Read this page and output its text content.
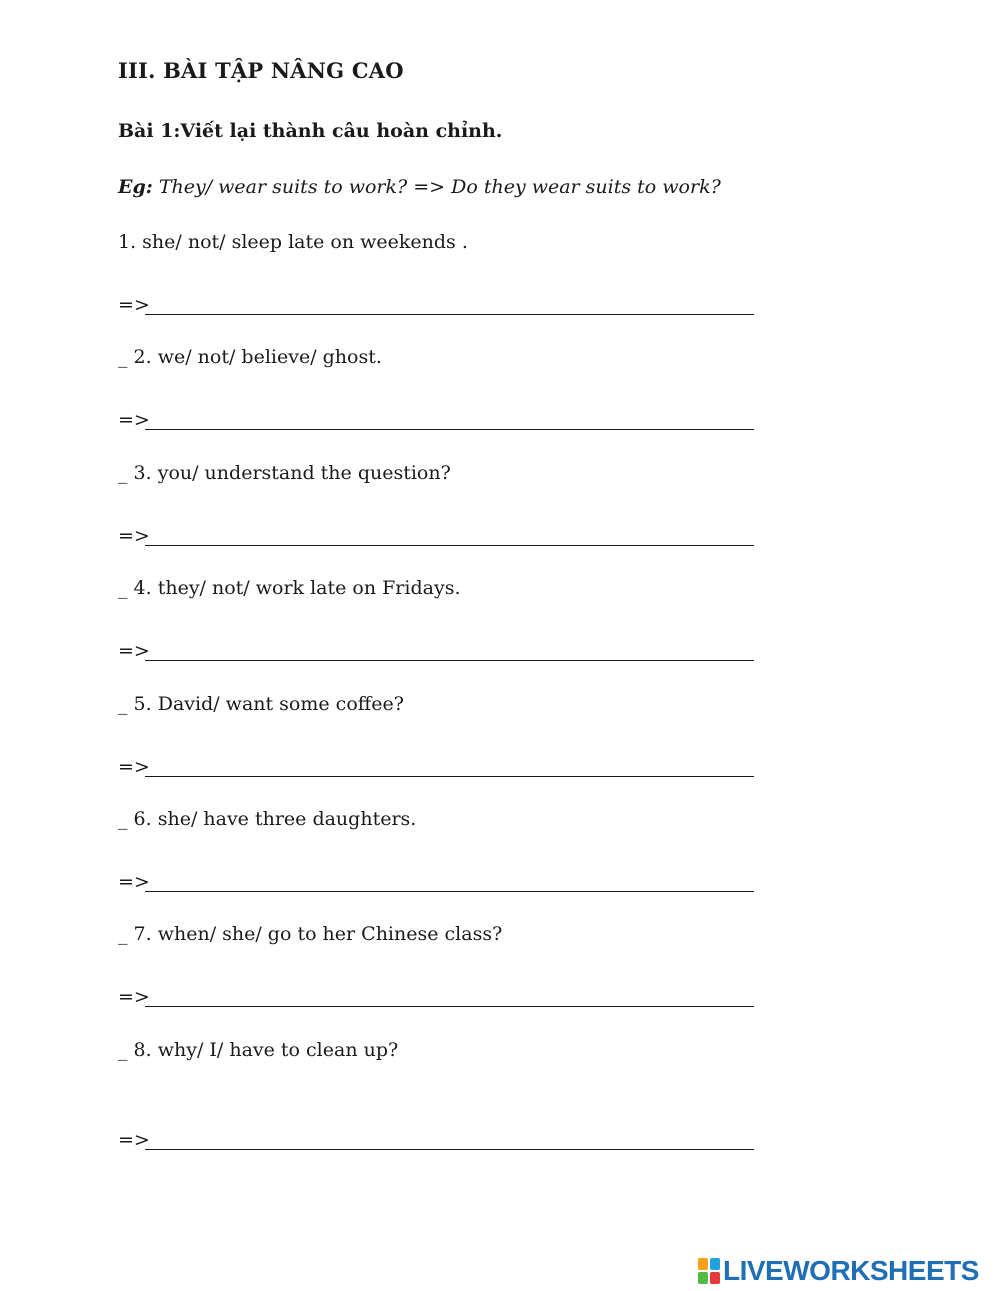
III. BÀI TẬP NÂNG CAO
Bài 1:Viết lại thành câu hoàn chỉnh.
Eg: They/ wear suits to work? => Do they wear suits to work?
1. she/ not/ sleep late on weekends .
=>
_ 2. we/ not/ believe/ ghost.
=>
_ 3. you/ understand the question?
=>
_ 4. they/ not/ work late on Fridays.
=>
_ 5. David/ want some coffee?
=>
_ 6. she/ have three daughters.
=>
_ 7. when/ she/ go to her Chinese class?
=>
_ 8. why/ I/ have to clean up?
=>
LIVEWORKSHEETS
